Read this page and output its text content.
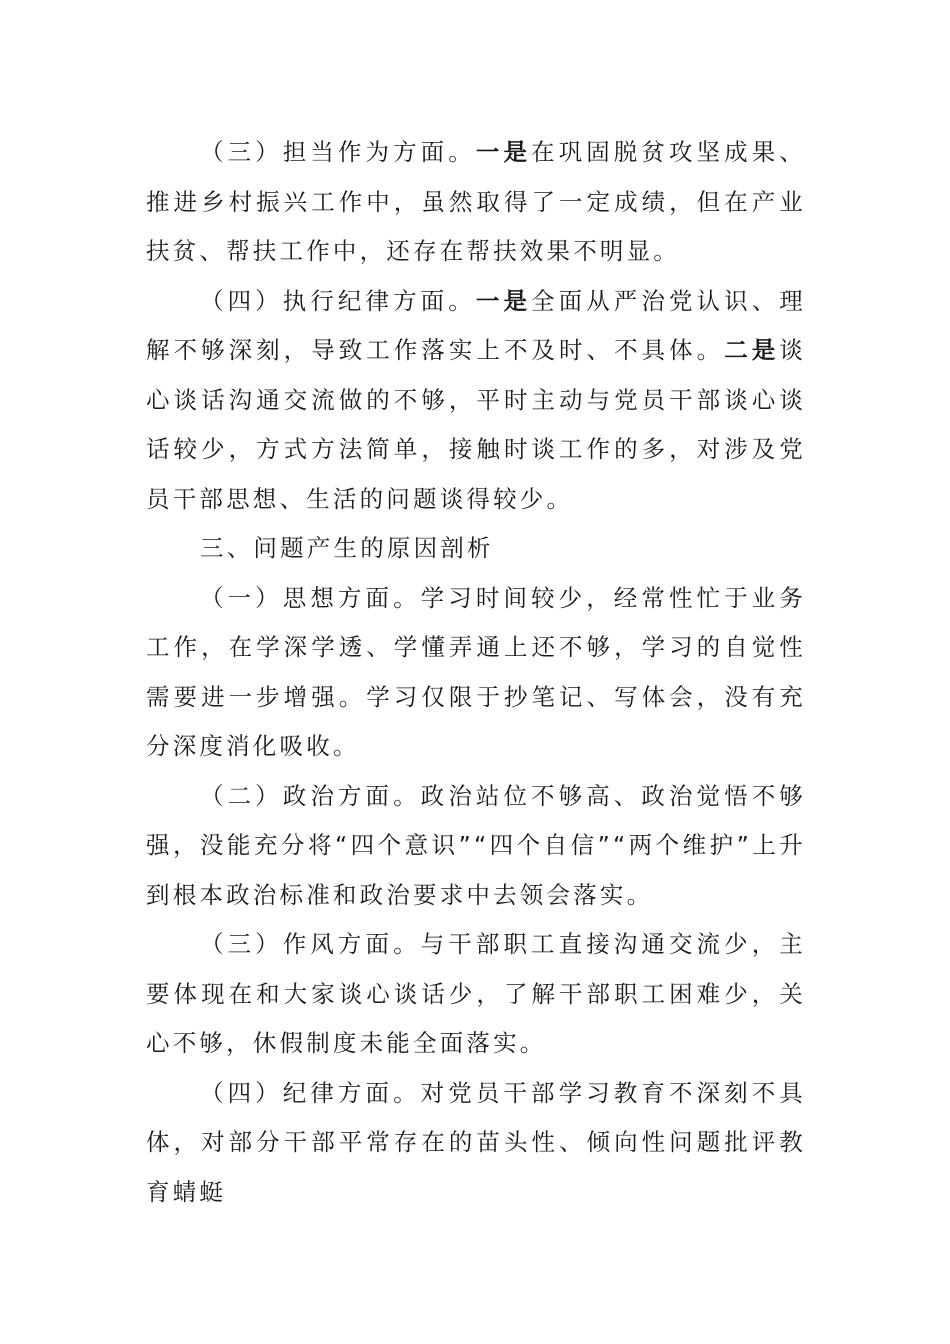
（三）担当作为方面。一是在巩固脱贫攻坚成果、推进乡村振兴工作中，虽然取得了一定成绩，但在产业扶贫、帮扶工作中，还存在帮扶效果不明显。

（四）执行纪律方面。一是全面从严治党认识、理解不够深刻，导致工作落实上不及时、不具体。二是谈心谈话沟通交流做的不够，平时主动与党员干部谈心谈话较少，方式方法简单，接触时谈工作的多，对涉及党员干部思想、生活的问题谈得较少。

三、问题产生的原因剖析

（一）思想方面。学习时间较少，经常性忙于业务工作，在学深学透、学懂弄通上还不够，学习的自觉性需要进一步增强。学习仅限于抄笔记、写体会，没有充分深度消化吸收。

（二）政治方面。政治站位不够高、政治觉悟不够强，没能充分将“四个意识”“四个自信”“两个维护”上升到根本政治标准和政治要求中去领会落实。

（三）作风方面。与干部职工直接沟通交流少，主要体现在和大家谈心谈话少，了解干部职工困难少，关心不够，休假制度未能全面落实。

（四）纪律方面。对党员干部学习教育不深刻不具体，对部分干部平常存在的苗头性、倾向性问题批评教育蜻蜓
